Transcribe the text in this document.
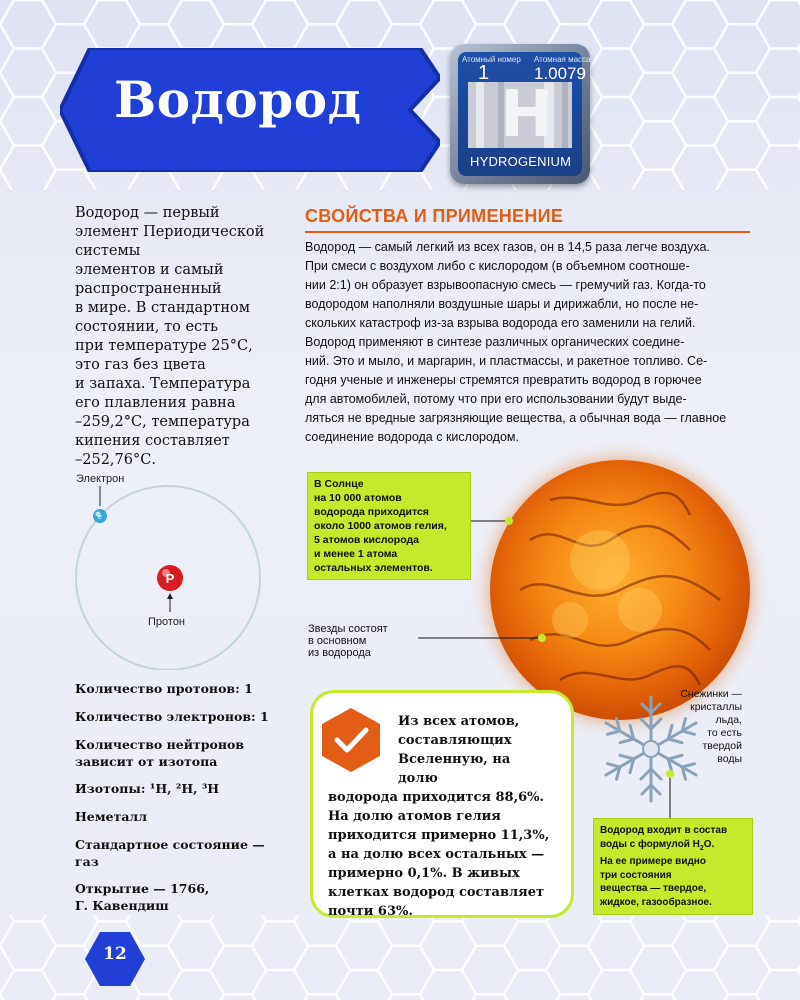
Водород
Атомный номер Атомная масса
1	1.0079
H
HYDROGENIUM
Водород — первый
элемент Периодической
системы
элементов и самый
распространенный
в мире. В стандартном
состоянии, то есть
при температуре 25°С,
это газ без цвета
и запаха. Температура
его плавления равна
–259,2°С, температура
кипения составляет
–252,76°С.
e
P
Электрон
Протон
Количество протонов: 1
Количество электронов: 1
Количество нейтронов
зависит от изотопа
Изотопы: ¹H, ²H, ³H
Неметалл
Стандартное состояние —
газ
Открытие — 1766,
Г. Кавендиш
СВОЙСТВА И ПРИМЕНЕНИЕ
Водород — самый легкий из всех газов, он в 14,5 раза легче воздуха.
При смеси с воздухом либо с кислородом (в объемном соотноше-
нии 2:1) он образует взрывоопасную смесь — гремучий газ. Когда-то
водородом наполняли воздушные шары и дирижабли, но после не-
скольких катастроф из-за взрыва водорода его заменили на гелий.
Водород применяют в синтезе различных органических соедине-
ний. Это и мыло, и маргарин, и пластмассы, и ракетное топливо. Се-
годня ученые и инженеры стремятся превратить водород в горючее
для автомобилей, потому что при его использовании будут выде-
ляться не вредные загрязняющие вещества, а обычная вода — главное
соединение водорода с кислородом.
В Солнце
на 10 000 атомов
водорода приходится
около 1000 атомов гелия,
5 атомов кислорода
и менее 1 атома
остальных элементов.
Звезды состоят
в основном
из водорода
Из всех атомов,
составляющих
Вселенную, на долю
водорода приходится 88,6%.
На долю атомов гелия
приходится примерно 11,3%,
а на долю всех остальных —
примерно 0,1%. В живых
клетках водород составляет
почти 63%.
Снежинки —
кристаллы
льда,
то есть
твердой
воды
Водород входит в состав
воды с формулой $H_2O$.
На ее примере видно
три состояния
вещества — твердое,
жидкое, газообразное.
12
